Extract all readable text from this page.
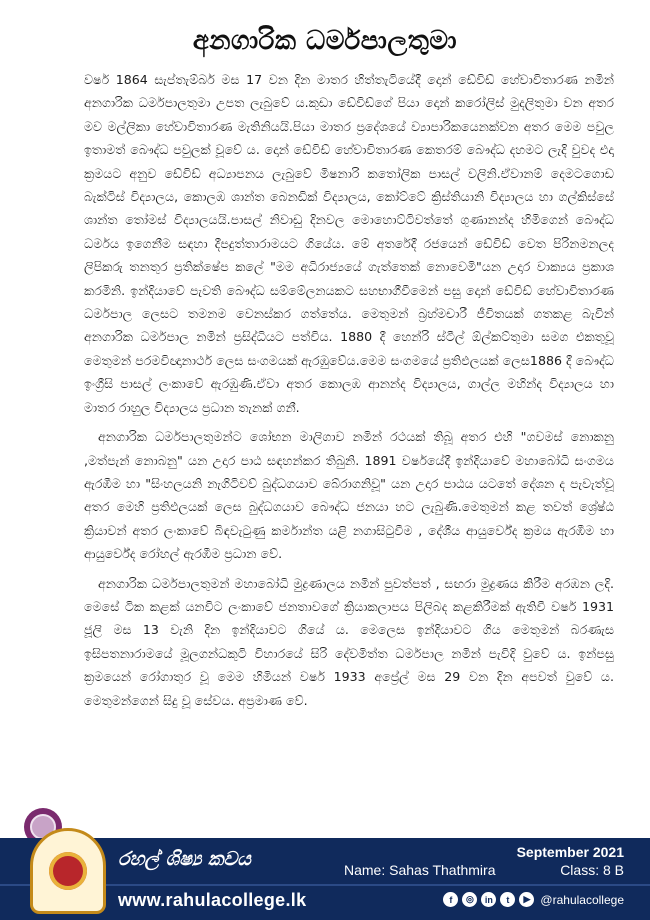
අනගාරික ධර්මපාලතුමා

වර්ෂ 1864 සැප්තැම්බර් මස 17 වන දින මාතර හිත්තැටියේදී දොන් ඩේවිඩ් හේවාවිතාරණ නමින් අනගාරික ධර්මපාලතුමා උපත ලැබුවේ ය.කුඩා ඩේවිඩ්ගේ පියා දොන් කරෝලිස් මුදලිතුමා වන අතර මව මල්ලිකා හේවාවිතාරණ මැතිනියයි.පියා මාතර ප්‍රදේශයේ ව්‍යාපාරිකයෙනක්වන අතර මෙම පවුල ඉතාමත් බෞද්ධ පවුලක් වූවේ ය. දොන් ඩේවිඩ් හේවාවිතාරණ කෙතරම් බෞද්ධ දහමට ලැදි වුවද එදා ක්‍රමයට අනුව ඩේවිඩ් අධ්‍යාපනය ලැබුවේ මිෂනාරි කතෝලික පාසල් වලිනි.ඒවානම් දෙමටගොඩ බැක්ටිස් විද්‍යාලය, කොලඹ ශාන්ත බෙනඩික් විද්‍යාලය, කෝට්ටේ ක්‍රිස්තියානි විද්‍යාලය හා ගල්කිස්සේ ශාන්ත තෝමස් විද්‍යාලයයි.පාසල් නිවාඩු දිනවල මොහොට්ටිවත්තේ ගුණානන්ද හිමිගෙන් බෞද්ධ ධර්මය ඉගෙනීම සඳහා දීපදුත්තාරාමයට ගියේය. මේ අතරේදී රජයෙන් ඩේවිඩ් වෙත පිරිනමනලද ලිපිකරු තනතුර ප්‍රතික්ෂේප කලේ "මම අධිරාජ්‍යයේ ගැත්තෙක් නොවෙමි"යන උදාර වාක්‍යය ප්‍රකාශ කරමිනි. ඉන්දියාවේ පැවති බෞද්ධ සම්මේලනයකට සහභාගීවීමෙන් පසු දොන් ඩේවිඩ් හේවාවිතාරණ ධර්මපාල ලෙසට තමනම වෙනස්කර ගත්තේය. මෙතුමන් බ්‍රහ්මචාරී ජීවිතයක් ගතකළ බැවින් අනගාරික ධර්මපාල නමින් ප්‍රසිද්ධියට පත්විය. 1880 දී හෙන්රි ස්ටීල් ඕල්කට්තුමා සමග එකතුවූ මෙතුමන් පරමවිඥානාර්ථ ලෙස සංගමයක් ඇරඹුවේය.මෙම සංගමයේ ප්‍රතිඵලයක් ලෙස1886 දී බෞද්ධ ඉංග්‍රීසි පාසල් ලංකාවේ ඇරඹුණි.ඒවා අතර කොලඹ ආනන්ද විද්‍යාලය, ගාල්ල මහින්ද විද්‍යාලය හා මාතර රාහුල විද්‍යාලය ප්‍රධාන තැනක් ගනී.

අනගාරික ධර්මපාලතුමන්ට ශෝභන මාලිගාව නමින් රථයක් තිබූ අතර එහි "ගවමස් නොකනු ,මත්පැන් නොබනු" යන උදාර පාඨ සඳහන්කර තිබුනි. 1891 වර්ෂයේදී ඉන්දියාවේ මහාබෝධි සංගමය ඇරඹීම හා "සිංහලයනි නැගිටිවව් බුද්ධගයාව බේරාගනිවූ" යන උදාර පාඨය යටතේ දේශන ද පැවැත්වූ අතර මෙහි ප්‍රතිඵලයක් ලෙස බුද්ධගයාව බෞද්ධ ජනයා හට ලැබුණි.මෙතුමන් කළ තවත් ශ්‍රේෂ්ඨ ක්‍රියාවන් අතර ලංකාවේ බිඳවැටුණු කර්මාන්ත යළි නගාසිටුවීම , දේශීය ආයුර්වේද ක්‍රමය ඇරඹීම හා ආයුර්වේද රෝහල් ඇරඹීම ප්‍රධාන වේ.

අනගාරික ධර්මපාලතුමන් මහාබෝධි මුද්‍රණාලය නමින් පුවත්පත් , සඟරා මුද්‍රණය කිරීම අරඹන ලදි. මෙසේ ටික කළක් යනවිට ලංකාවේ ජනතාවගේ ක්‍රියාකලාපය පිලිබද කළකිරීමක් ඇතිවී වර්ෂ 1931 ජූලි මස 13 වැනි දින ඉන්දියාවට ගියේ ය. මෙලෙස ඉන්දියාවට ගිය මෙතුමන් බරණැස ඉසිපතනාරාමයේ මූලගන්ධකුටි විහාරයේ සිරි දේවමිත්ත ධර්මපාල නමින් පැවිදි වුවේ ය. ඉන්පසු ක්‍රමයෙන් රෝගාතුර වූ මෙම හිමියන් වර්ෂ 1933 අප්‍රේල් මස 29 වන දින අපවත් වුවේ ය. මෙතුමන්ගෙන් සිදු වූ සේවය. අප්‍රමාණ වේ.

රහල් ශිෂ්‍ය කවය	September 2021
Name: Sahas Thathmira	Class: 8 B
www.rahulacollege.lk	f	◎	in	t	▶ @rahulacollege
